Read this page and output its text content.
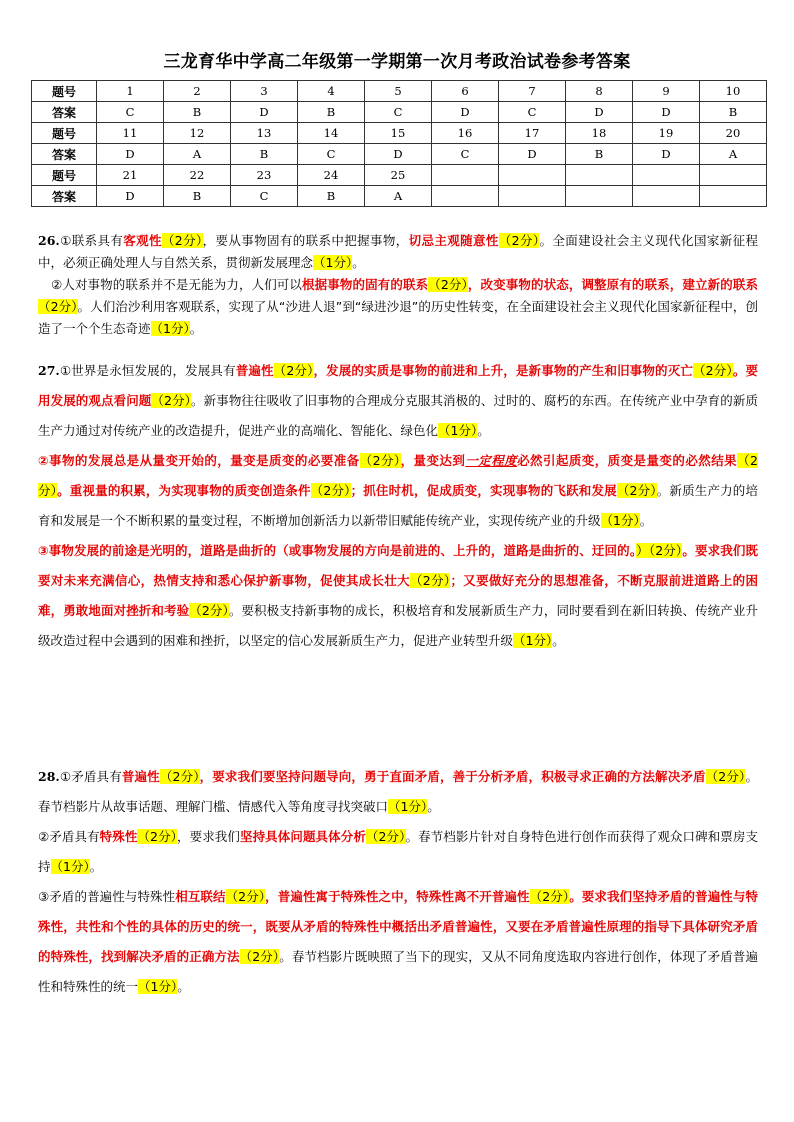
三龙育华中学高二年级第一学期第一次月考政治试卷参考答案
题号	1	2	3	4	5	6	7	8	9	10
答案	C	B	D	B	C	D	C	D	D	B
题号	11	12	13	14	15	16	17	18	19	20
答案	D	A	B	C	D	C	D	B	D	A
题号	21	22	23	24	25					
答案	D	B	C	B	A					
26.①联系具有客观性（2分），要从事物固有的联系中把握事物，切忌主观随意性（2分）。全面建设社会主义现代化国家新征程中，必须正确处理人与自然关系，贯彻新发展理念（1分）。
②人对事物的联系并不是无能为力，人们可以根据事物的固有的联系（2分），改变事物的状态，调整原有的联系，建立新的联系（2分）。人们治沙利用客观联系，实现了从“沙进人退”到“绿进沙退”的历史性转变，在全面建设社会主义现代化国家新征程中，创造了一个个生态奇迹（1分）。
27.①世界是永恒发展的，发展具有普遍性（2分），发展的实质是事物的前进和上升，是新事物的产生和旧事物的灭亡（2分）。要用发展的观点看问题（2分）。新事物往往吸收了旧事物的合理成分克服其消极的、过时的、腐朽的东西。在传统产业中孕育的新质生产力通过对传统产业的改造提升，促进产业的高端化、智能化、绿色化（1分）。
②事物的发展总是从量变开始的，量变是质变的必要准备（2分），量变达到一定程度必然引起质变，质变是量变的必然结果（2分）。重视量的积累，为实现事物的质变创造条件（2分）；抓住时机，促成质变，实现事物的飞跃和发展（2分）。新质生产力的培育和发展是一个不断积累的量变过程，不断增加创新活力以新带旧赋能传统产业，实现传统产业的升级（1分）。
③事物发展的前途是光明的，道路是曲折的（或事物发展的方向是前进的、上升的，道路是曲折的、迂回的。）（2分）。要求我们既要对未来充满信心，热情支持和悉心保护新事物，促使其成长壮大（2分）；又要做好充分的思想准备，不断克服前进道路上的困难，勇敢地面对挫折和考验（2分）。要积极支持新事物的成长，积极培育和发展新质生产力，同时要看到在新旧转换、传统产业升级改造过程中会遇到的困难和挫折，以坚定的信心发展新质生产力，促进产业转型升级（1分）。
28.①矛盾具有普遍性（2分），要求我们要坚持问题导向，勇于直面矛盾，善于分析矛盾，积极寻求正确的方法解决矛盾（2分）。春节档影片从故事话题、理解门槛、情感代入等角度寻找突破口（1分）。
②矛盾具有特殊性（2分），要求我们坚持具体问题具体分析（2分）。春节档影片针对自身特色进行创作而获得了观众口碑和票房支持（1分）。
③矛盾的普遍性与特殊性相互联结（2分），普遍性寓于特殊性之中，特殊性离不开普遍性（2分）。要求我们坚持矛盾的普遍性与特殊性，共性和个性的具体的历史的统一，既要从矛盾的特殊性中概括出矛盾普遍性，又要在矛盾普遍性原理的指导下具体研究矛盾的特殊性，找到解决矛盾的正确方法（2分）。春节档影片既映照了当下的现实，又从不同角度选取内容进行创作，体现了矛盾普遍性和特殊性的统一（1分）。
